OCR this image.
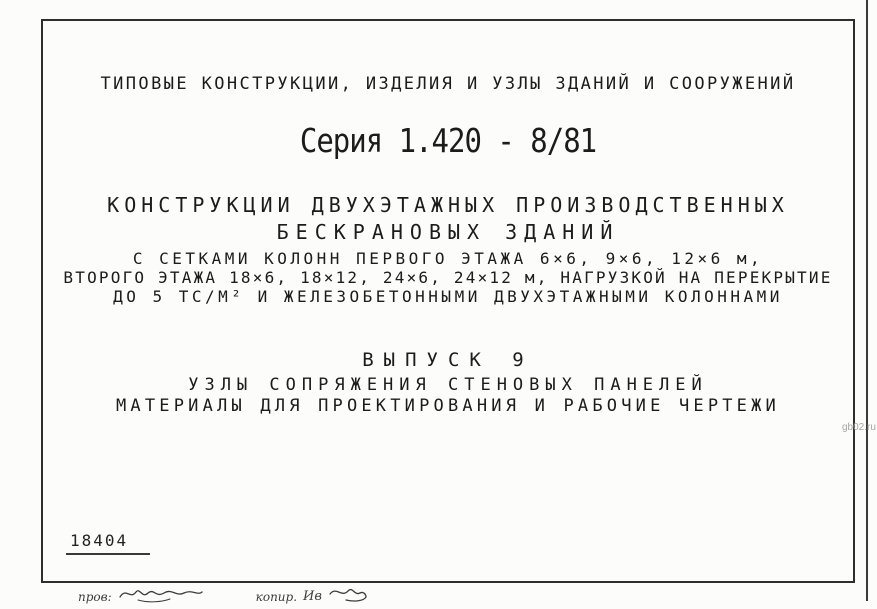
ТИПОВЫЕ КОНСТРУКЦИИ, ИЗДЕЛИЯ И УЗЛЫ ЗДАНИЙ И СООРУЖЕНИЙ
Серия 1.420 - 8/81
КОНСТРУКЦИИ ДВУХЭТАЖНЫХ ПРОИЗВОДСТВЕННЫХ
БЕСКРАНОВЫХ ЗДАНИЙ
С СЕТКАМИ КОЛОНН ПЕРВОГО ЭТАЖА 6×6, 9×6, 12×6 м,
ВТОРОГО ЭТАЖА 18×6, 18×12, 24×6, 24×12 м, НАГРУЗКОЙ НА ПЕРЕКРЫТИЕ
ДО 5 ТС/М² И ЖЕЛЕЗОБЕТОННЫМИ ДВУХЭТАЖНЫМИ КОЛОННАМИ
ВЫПУСК 9
УЗЛЫ СОПРЯЖЕНИЯ СТЕНОВЫХ ПАНЕЛЕЙ
МАТЕРИАЛЫ ДЛЯ ПРОЕКТИРОВАНИЯ И РАБОЧИЕ ЧЕРТЕЖИ
18404
пров:	копир. Ив
gb02.ru
